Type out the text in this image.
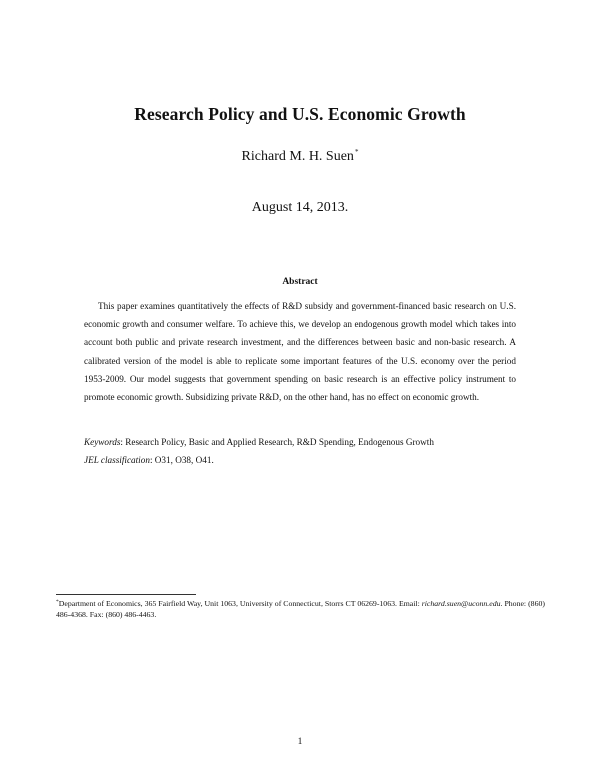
Research Policy and U.S. Economic Growth
Richard M. H. Suen*
August 14, 2013.
Abstract
This paper examines quantitatively the effects of R&D subsidy and government-financed basic research on U.S. economic growth and consumer welfare. To achieve this, we develop an endogenous growth model which takes into account both public and private research investment, and the differences between basic and non-basic research. A calibrated version of the model is able to replicate some important features of the U.S. economy over the period 1953-2009. Our model suggests that government spending on basic research is an effective policy instrument to promote economic growth. Subsidizing private R&D, on the other hand, has no effect on economic growth.
Keywords: Research Policy, Basic and Applied Research, R&D Spending, Endogenous Growth
JEL classification: O31, O38, O41.
*Department of Economics, 365 Fairfield Way, Unit 1063, University of Connecticut, Storrs CT 06269-1063. Email: richard.suen@uconn.edu. Phone: (860) 486-4368. Fax: (860) 486-4463.
1
